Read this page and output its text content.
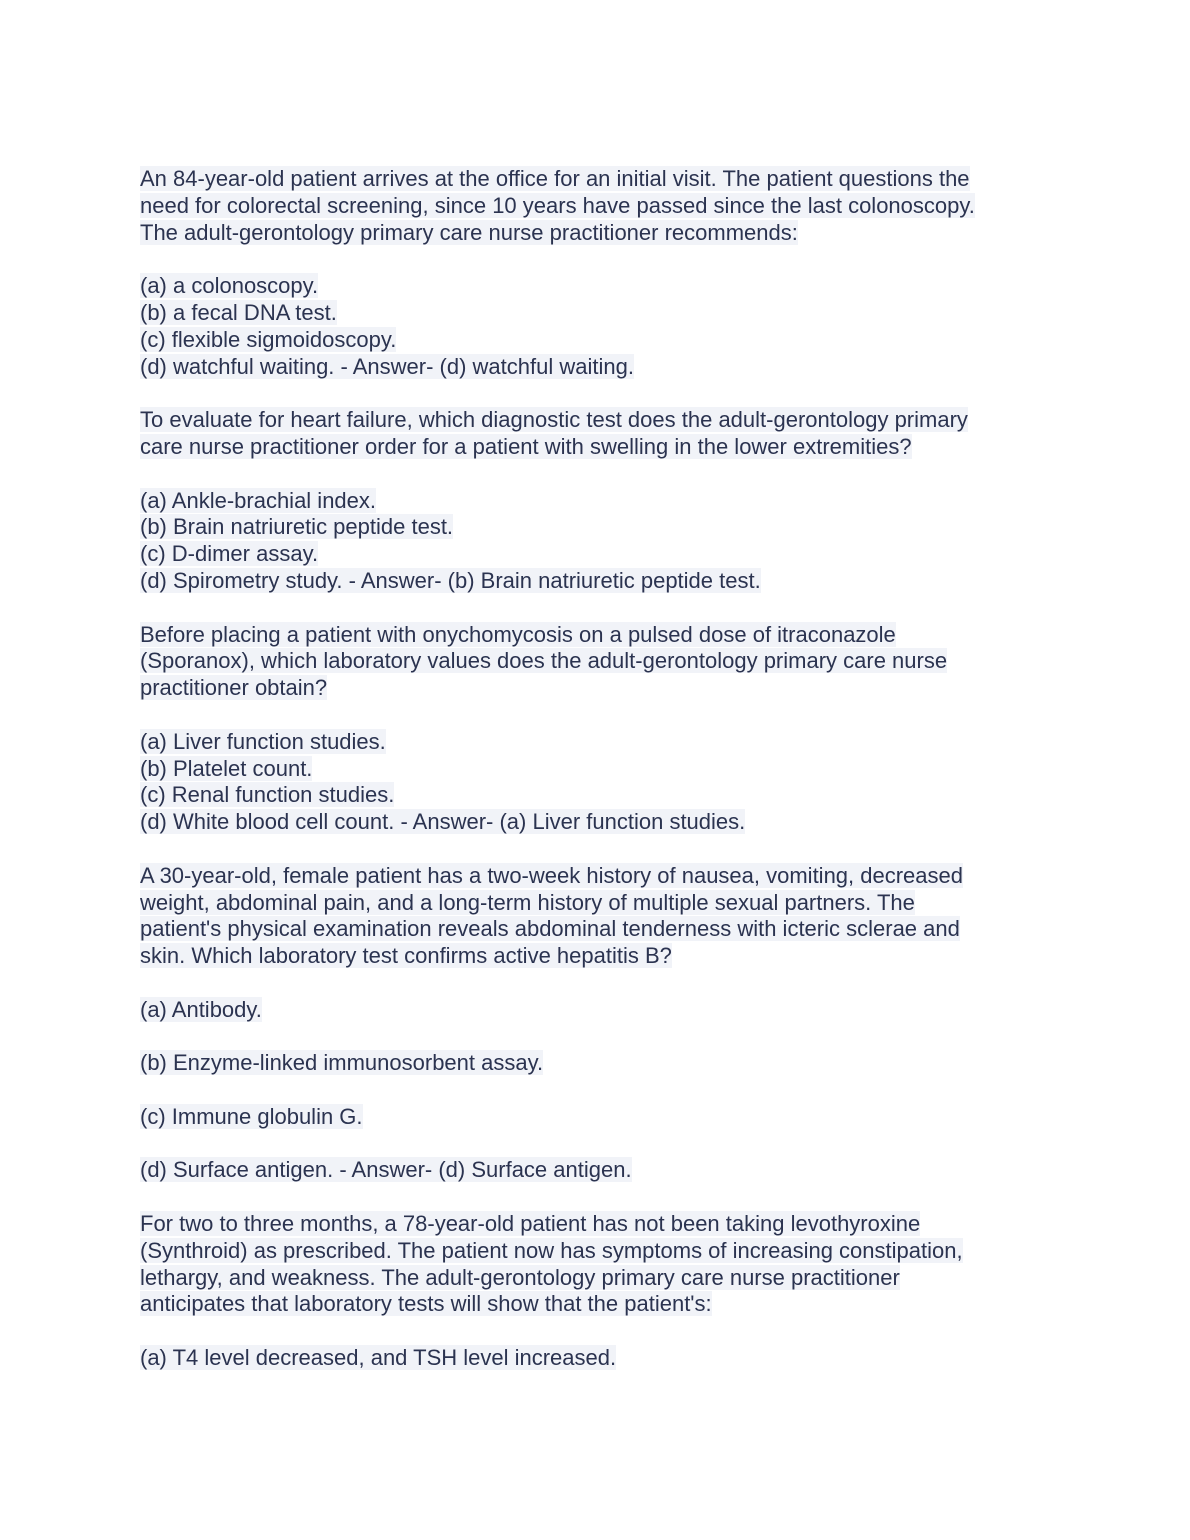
An 84-year-old patient arrives at the office for an initial visit. The patient questions the
need for colorectal screening, since 10 years have passed since the last colonoscopy.
The adult-gerontology primary care nurse practitioner recommends:
(a) a colonoscopy.
(b) a fecal DNA test.
(c) flexible sigmoidoscopy.
(d) watchful waiting. - Answer- (d) watchful waiting.
To evaluate for heart failure, which diagnostic test does the adult-gerontology primary
care nurse practitioner order for a patient with swelling in the lower extremities?
(a) Ankle-brachial index.
(b) Brain natriuretic peptide test.
(c) D-dimer assay.
(d) Spirometry study. - Answer- (b) Brain natriuretic peptide test.
Before placing a patient with onychomycosis on a pulsed dose of itraconazole
(Sporanox), which laboratory values does the adult-gerontology primary care nurse
practitioner obtain?
(a) Liver function studies.
(b) Platelet count.
(c) Renal function studies.
(d) White blood cell count. - Answer- (a) Liver function studies.
A 30-year-old, female patient has a two-week history of nausea, vomiting, decreased
weight, abdominal pain, and a long-term history of multiple sexual partners. The
patient's physical examination reveals abdominal tenderness with icteric sclerae and
skin. Which laboratory test confirms active hepatitis B?
(a) Antibody.
(b) Enzyme-linked immunosorbent assay.
(c) Immune globulin G.
(d) Surface antigen. - Answer- (d) Surface antigen.
For two to three months, a 78-year-old patient has not been taking levothyroxine
(Synthroid) as prescribed. The patient now has symptoms of increasing constipation,
lethargy, and weakness. The adult-gerontology primary care nurse practitioner
anticipates that laboratory tests will show that the patient's:
(a) T4 level decreased, and TSH level increased.
